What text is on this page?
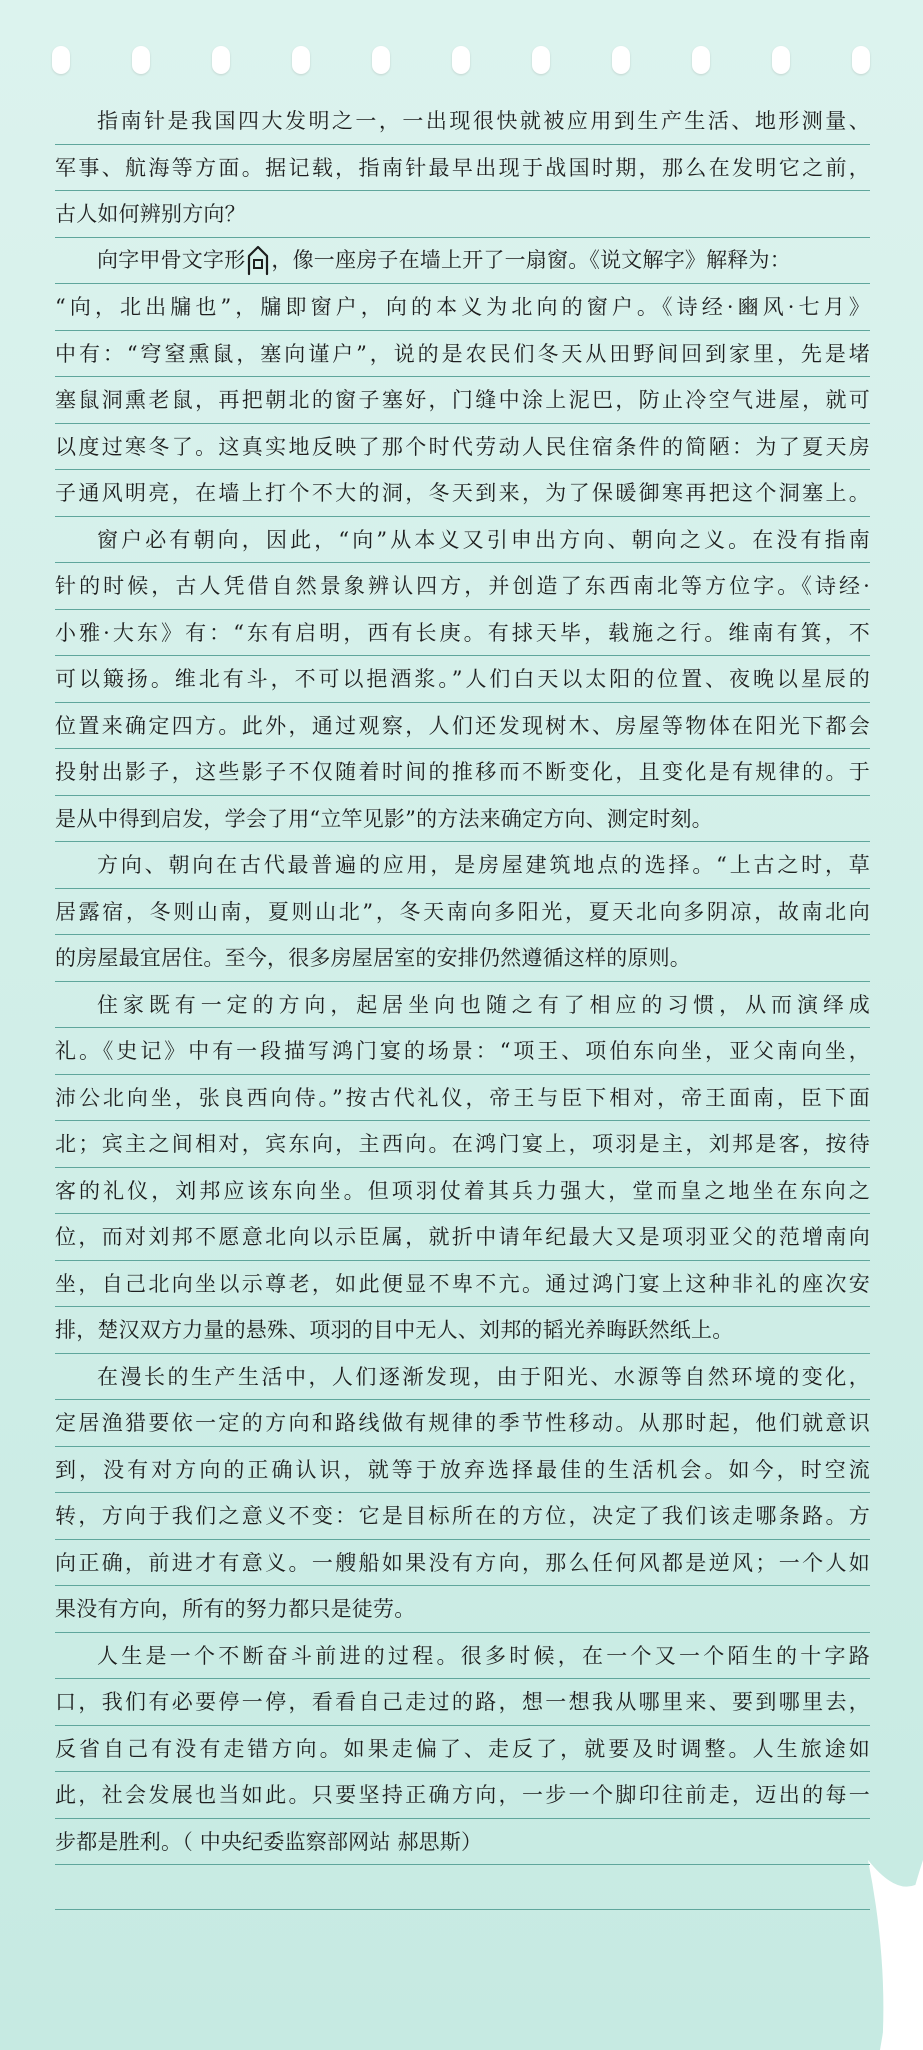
指南针是我国四大发明之一，一出现很快就被应用到生产生活、地形测量、
军事、航海等方面。据记载，指南针最早出现于战国时期，那么在发明它之前，
古人如何辨别方向？
向字甲骨文字形 ，像一座房子在墙上开了一扇窗。《说文解字》解释为：
“向，北出牖也”，牖即窗户，向的本义为北向的窗户。《诗经·豳风·七月》
中有：“穹窒熏鼠，塞向谨户”，说的是农民们冬天从田野间回到家里，先是堵
塞鼠洞熏老鼠，再把朝北的窗子塞好，门缝中涂上泥巴，防止冷空气进屋，就可
以度过寒冬了。这真实地反映了那个时代劳动人民住宿条件的简陋：为了夏天房
子通风明亮，在墙上打个不大的洞，冬天到来，为了保暖御寒再把这个洞塞上。
窗户必有朝向，因此，“向”从本义又引申出方向、朝向之义。在没有指南
针的时候，古人凭借自然景象辨认四方，并创造了东西南北等方位字。《诗经·
小雅·大东》有：“东有启明，西有长庚。有捄天毕，载施之行。维南有箕，不
可以簸扬。维北有斗，不可以挹酒浆。”人们白天以太阳的位置、夜晚以星辰的
位置来确定四方。此外，通过观察，人们还发现树木、房屋等物体在阳光下都会
投射出影子，这些影子不仅随着时间的推移而不断变化，且变化是有规律的。于
是从中得到启发，学会了用“立竿见影”的方法来确定方向、测定时刻。
方向、朝向在古代最普遍的应用，是房屋建筑地点的选择。“上古之时，草
居露宿，冬则山南，夏则山北”，冬天南向多阳光，夏天北向多阴凉，故南北向
的房屋最宜居住。至今，很多房屋居室的安排仍然遵循这样的原则。
住家既有一定的方向，起居坐向也随之有了相应的习惯，从而演绎成
礼。《史记》中有一段描写鸿门宴的场景：“项王、项伯东向坐，亚父南向坐，
沛公北向坐，张良西向侍。”按古代礼仪，帝王与臣下相对，帝王面南，臣下面
北；宾主之间相对，宾东向，主西向。在鸿门宴上，项羽是主，刘邦是客，按待
客的礼仪，刘邦应该东向坐。但项羽仗着其兵力强大，堂而皇之地坐在东向之
位，而对刘邦不愿意北向以示臣属，就折中请年纪最大又是项羽亚父的范增南向
坐，自己北向坐以示尊老，如此便显不卑不亢。通过鸿门宴上这种非礼的座次安
排，楚汉双方力量的悬殊、项羽的目中无人、刘邦的韬光养晦跃然纸上。
在漫长的生产生活中，人们逐渐发现，由于阳光、水源等自然环境的变化，
定居渔猎要依一定的方向和路线做有规律的季节性移动。从那时起，他们就意识
到，没有对方向的正确认识，就等于放弃选择最佳的生活机会。如今，时空流
转，方向于我们之意义不变：它是目标所在的方位，决定了我们该走哪条路。方
向正确，前进才有意义。一艘船如果没有方向，那么任何风都是逆风；一个人如
果没有方向，所有的努力都只是徒劳。
人生是一个不断奋斗前进的过程。很多时候，在一个又一个陌生的十字路
口，我们有必要停一停，看看自己走过的路，想一想我从哪里来、要到哪里去，
反省自己有没有走错方向。如果走偏了、走反了，就要及时调整。人生旅途如
此，社会发展也当如此。只要坚持正确方向，一步一个脚印往前走，迈出的每一
步都是胜利。（ 中央纪委监察部网站 郝思斯）
